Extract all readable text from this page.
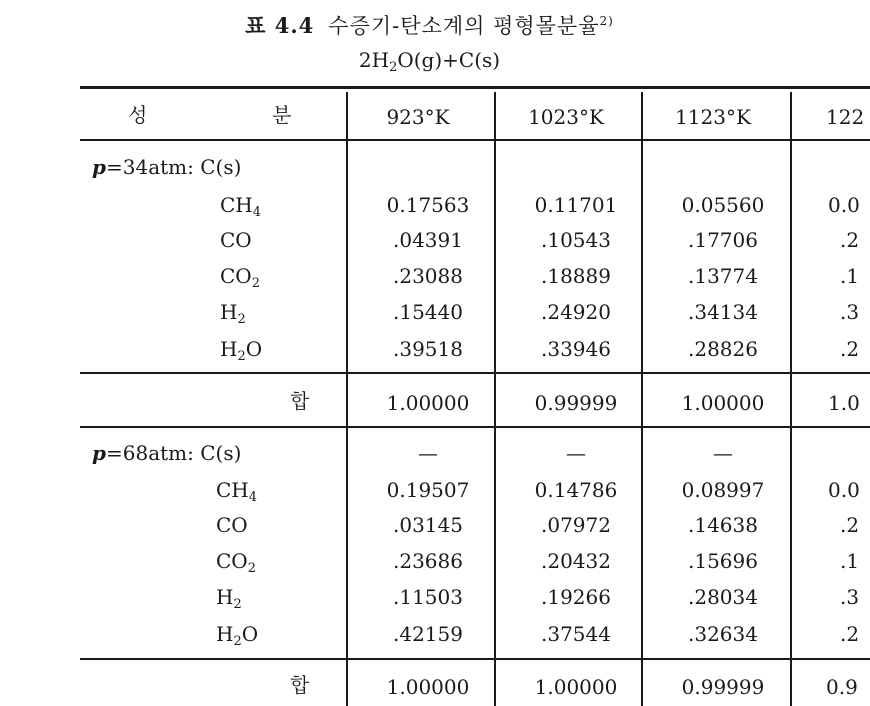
표 4.4 수증기-탄소계의 평형몰분율$^{2)}$
$2H_2O(g)+C(s)$
성	분	923°K	1023°K	1123°K	122
p=34atm: C(s)
$CH_4$	0.17563	0.11701	0.05560	0.0
CO	.04391	.10543	.17706	.2
$CO_2$	.23088	.18889	.13774	.1
$H_2$	.15440	.24920	.34134	.3
$H_2O$	.39518	.33946	.28826	.2
합	1.00000	0.99999	1.00000	1.0
p=68atm: C(s)	—	—	—
$CH_4$	0.19507	0.14786	0.08997	0.0
CO	.03145	.07972	.14638	.2
$CO_2$	.23686	.20432	.15696	.1
$H_2$	.11503	.19266	.28034	.3
$H_2O$	.42159	.37544	.32634	.2
합	1.00000	1.00000	0.99999	0.9
